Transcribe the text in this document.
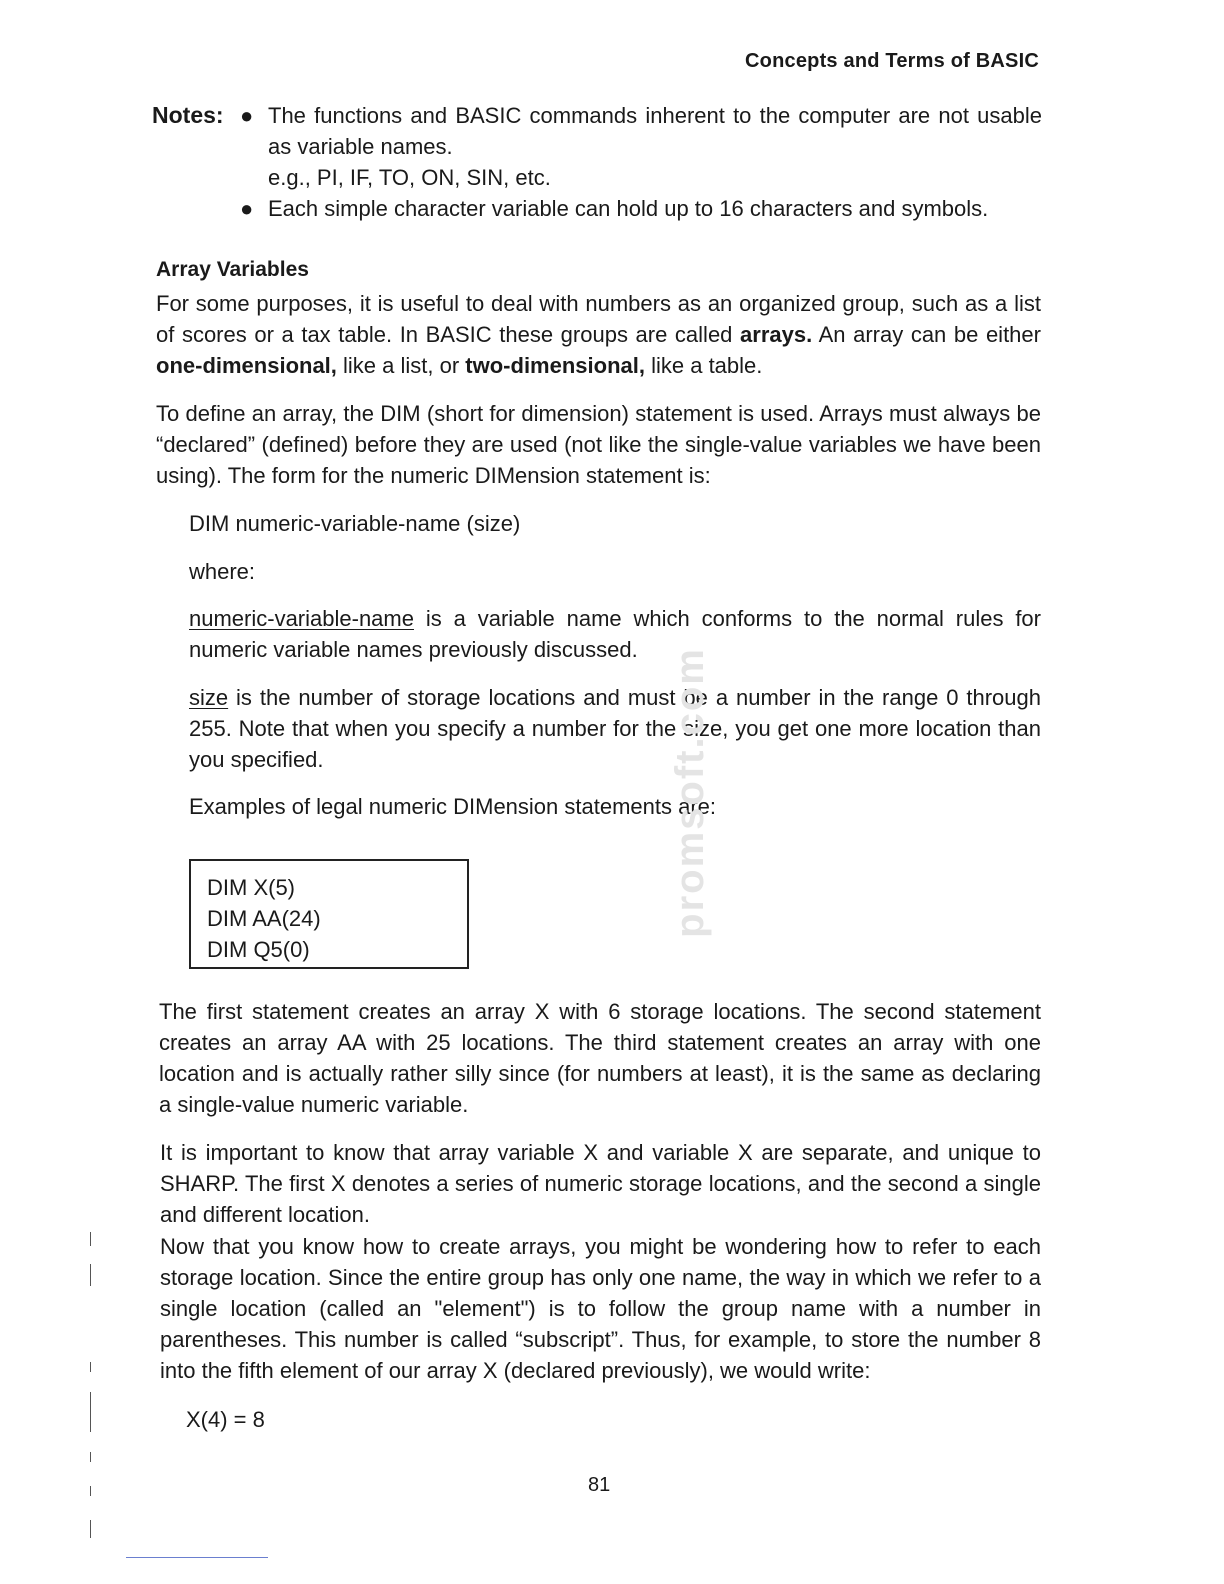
Concepts and Terms of BASIC
Notes: ● The functions and BASIC commands inherent to the computer are not usable as variable names.
e.g., PI, IF, TO, ON, SIN, etc.
● Each simple character variable can hold up to 16 characters and symbols.
Array Variables

For some purposes, it is useful to deal with numbers as an organized group, such as a list of scores or a tax table. In BASIC these groups are called arrays. An array can be either one-dimensional, like a list, or two-dimensional, like a table.

To define an array, the DIM (short for dimension) statement is used. Arrays must always be “declared” (defined) before they are used (not like the single-value variables we have been using). The form for the numeric DIMension statement is:

DIM numeric-variable-name (size)
where:

numeric-variable-name is a variable name which conforms to the normal rules for numeric variable names previously discussed.

size is the number of storage locations and must be a number in the range 0 through 255. Note that when you specify a number for the size, you get one more location than you specified.

Examples of legal numeric DIMension statements are:
DIM X(5)
DIM AA(24)
DIM Q5(0)
promsoft.com

The first statement creates an array X with 6 storage locations. The second statement creates an array AA with 25 locations. The third statement creates an array with one location and is actually rather silly since (for numbers at least), it is the same as declaring a single-value numeric variable.

It is important to know that array variable X and variable X are separate, and unique to SHARP. The first X denotes a series of numeric storage locations, and the second a single and different location.

Now that you know how to create arrays, you might be wondering how to refer to each storage location. Since the entire group has only one name, the way in which we refer to a single location (called an "element") is to follow the group name with a number in parentheses. This number is called “subscript”. Thus, for example, to store the number 8 into the fifth element of our array X (declared previously), we would write:

X(4) = 8
81
